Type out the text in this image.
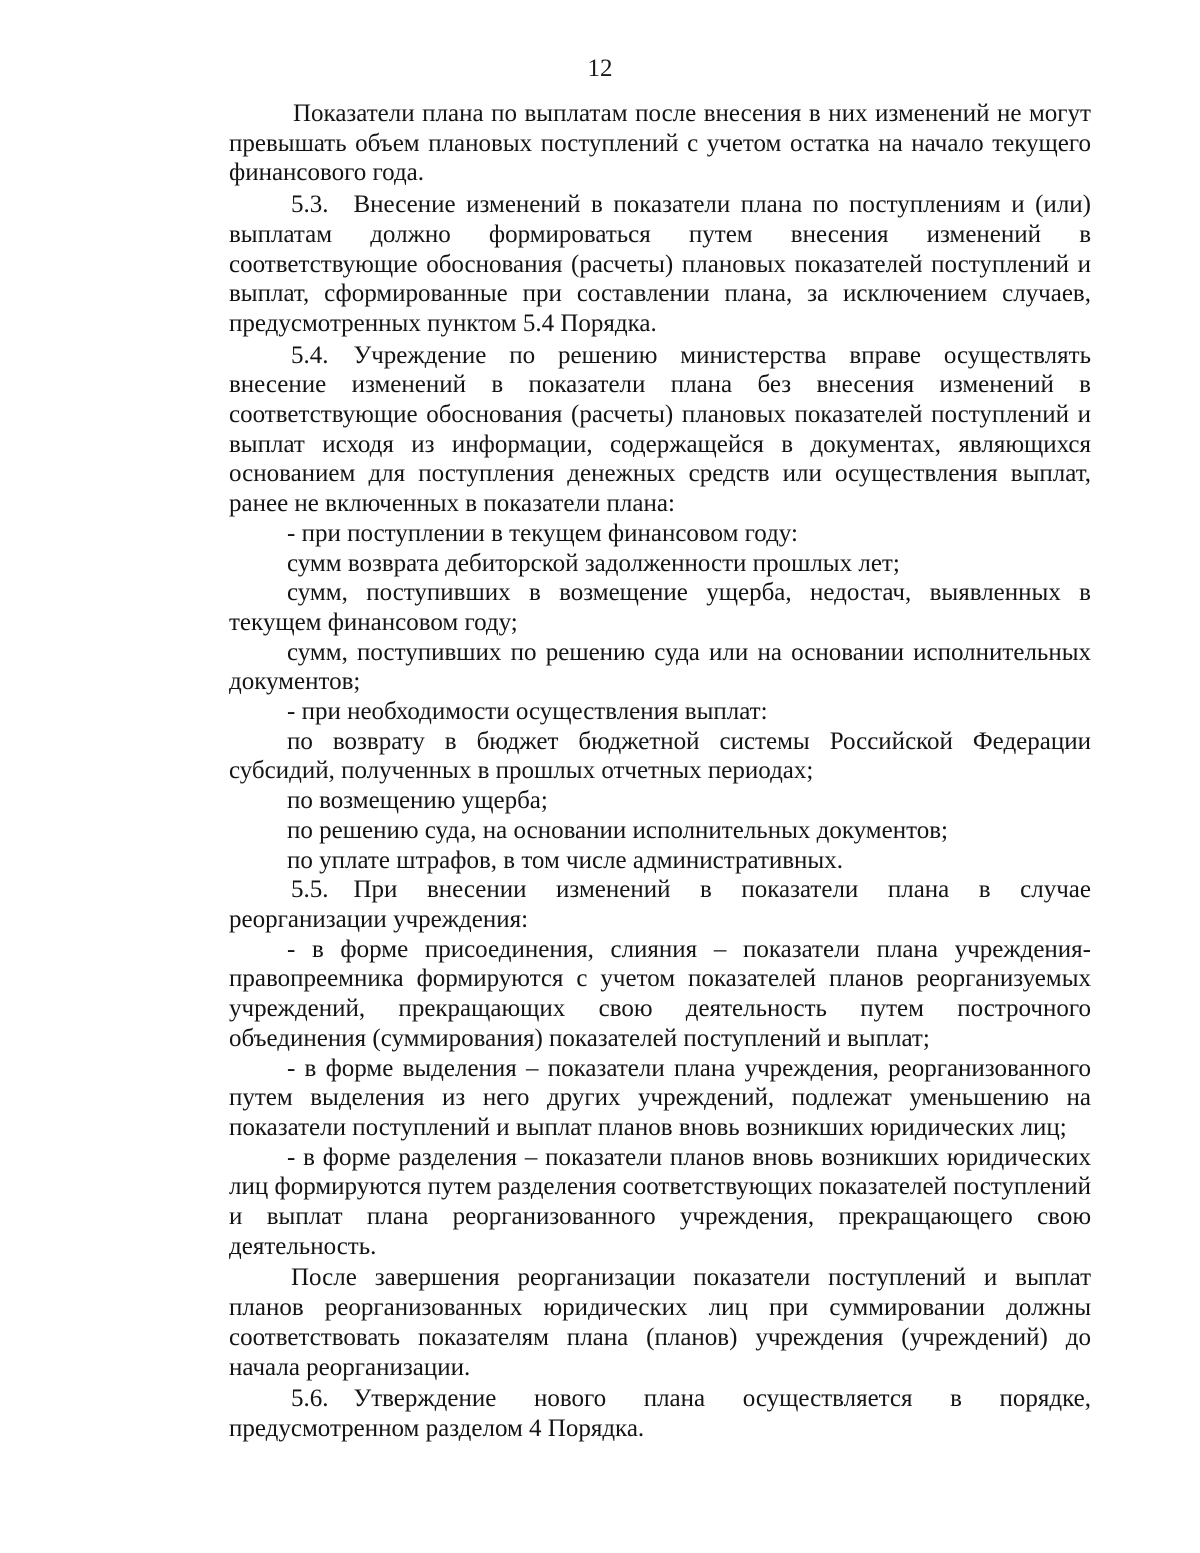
12

Показатели плана по выплатам после внесения в них изменений не могут превышать объем плановых поступлений с учетом остатка на начало текущего финансового года.

5.3. Внесение изменений в показатели плана по поступлениям и (или) выплатам должно формироваться путем внесения изменений в соответствующие обоснования (расчеты) плановых показателей поступлений и выплат, сформированные при составлении плана, за исключением случаев, предусмотренных пунктом 5.4 Порядка.

5.4. Учреждение по решению министерства вправе осуществлять внесение изменений в показатели плана без внесения изменений в соответствующие обоснования (расчеты) плановых показателей поступлений и выплат исходя из информации, содержащейся в документах, являющихся основанием для поступления денежных средств или осуществления выплат, ранее не включенных в показатели плана:

- при поступлении в текущем финансовом году:

сумм возврата дебиторской задолженности прошлых лет;

сумм, поступивших в возмещение ущерба, недостач, выявленных в текущем финансовом году;

сумм, поступивших по решению суда или на основании исполнительных документов;

- при необходимости осуществления выплат:

по возврату в бюджет бюджетной системы Российской Федерации субсидий, полученных в прошлых отчетных периодах;

по возмещению ущерба;

по решению суда, на основании исполнительных документов;

по уплате штрафов, в том числе административных.

5.5. При внесении изменений в показатели плана в случае реорганизации учреждения:

- в форме присоединения, слияния – показатели плана учреждения-правопреемника формируются с учетом показателей планов реорганизуемых учреждений, прекращающих свою деятельность путем построчного объединения (суммирования) показателей поступлений и выплат;

- в форме выделения – показатели плана учреждения, реорганизованного путем выделения из него других учреждений, подлежат уменьшению на показатели поступлений и выплат планов вновь возникших юридических лиц;

- в форме разделения – показатели планов вновь возникших юридических лиц формируются путем разделения соответствующих показателей поступлений и выплат плана реорганизованного учреждения, прекращающего свою деятельность.

После завершения реорганизации показатели поступлений и выплат планов реорганизованных юридических лиц при суммировании должны соответствовать показателям плана (планов) учреждения (учреждений) до начала реорганизации.

5.6. Утверждение нового плана осуществляется в порядке, предусмотренном разделом 4 Порядка.
